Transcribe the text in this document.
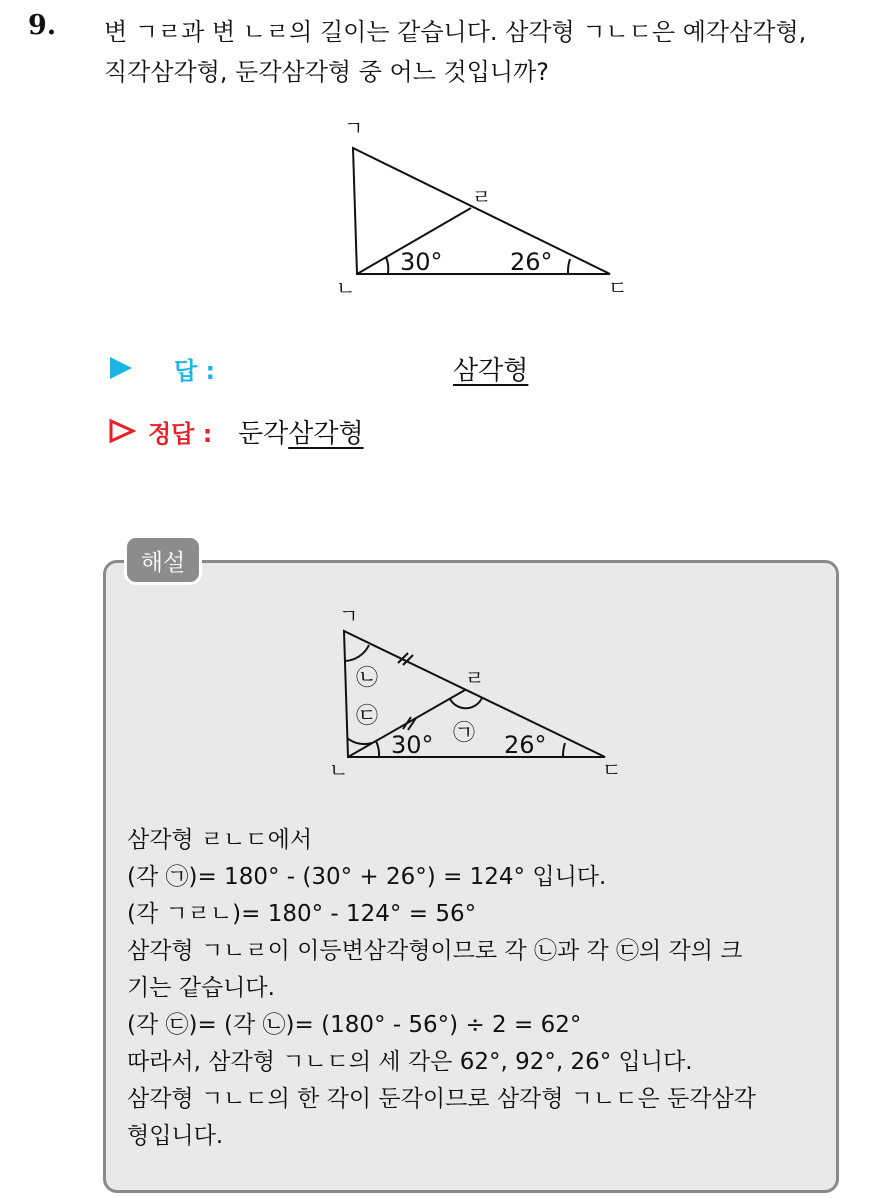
9. 변 ㄱㄹ과 변 ㄴㄹ의 길이는 같습니다. 삼각형 ㄱㄴㄷ은 예각삼각형,
직각삼각형, 둔각삼각형 중 어느 것입니까?

ㄱ
ㄹ
ㄴ	ㄷ
30°	26°
답 :	삼각형
정답 : 둔각삼각형
해설
ㄱ
ㄹ
ㄴ	ㄷ
㉡
㉢
㉠
30°	26°

삼각형 ㄹㄴㄷ에서
(각 ㉠)= 180° - (30° + 26°) = 124° 입니다.
(각 ㄱㄹㄴ)= 180° - 124° = 56°
삼각형 ㄱㄴㄹ이 이등변삼각형이므로 각 ㉡과 각 ㉢의 각의 크
기는 같습니다.
(각 ㉢)= (각 ㉡)= (180° - 56°) ÷ 2 = 62°
따라서, 삼각형 ㄱㄴㄷ의 세 각은 62°, 92°, 26° 입니다.
삼각형 ㄱㄴㄷ의 한 각이 둔각이므로 삼각형 ㄱㄴㄷ은 둔각삼각
형입니다.
